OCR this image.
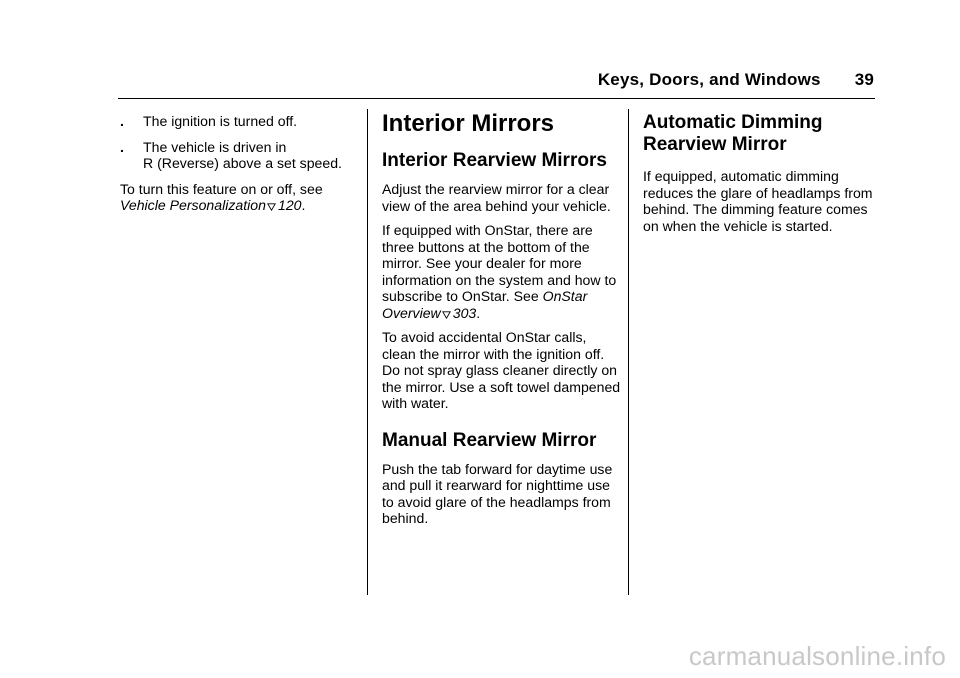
Keys, Doors, and Windows 39
. The ignition is turned off.
. The vehicle is driven in
R (Reverse) above a set speed.

To turn this feature on or off, see
Vehicle Personalization 120.

Interior Mirrors
Interior Rearview Mirrors

Adjust the rearview mirror for a clear view of the area behind your vehicle.

If equipped with OnStar, there are three buttons at the bottom of the mirror. See your dealer for more information on the system and how to subscribe to OnStar. See OnStar
Overview 303.

To avoid accidental OnStar calls, clean the mirror with the ignition off. Do not spray glass cleaner directly on the mirror. Use a soft towel dampened with water.

Manual Rearview Mirror

Push the tab forward for daytime use and pull it rearward for nighttime use to avoid glare of the headlamps from behind.

Automatic Dimming
Rearview Mirror

If equipped, automatic dimming reduces the glare of headlamps from behind. The dimming feature comes on when the vehicle is started.

carmanualsonline.info
